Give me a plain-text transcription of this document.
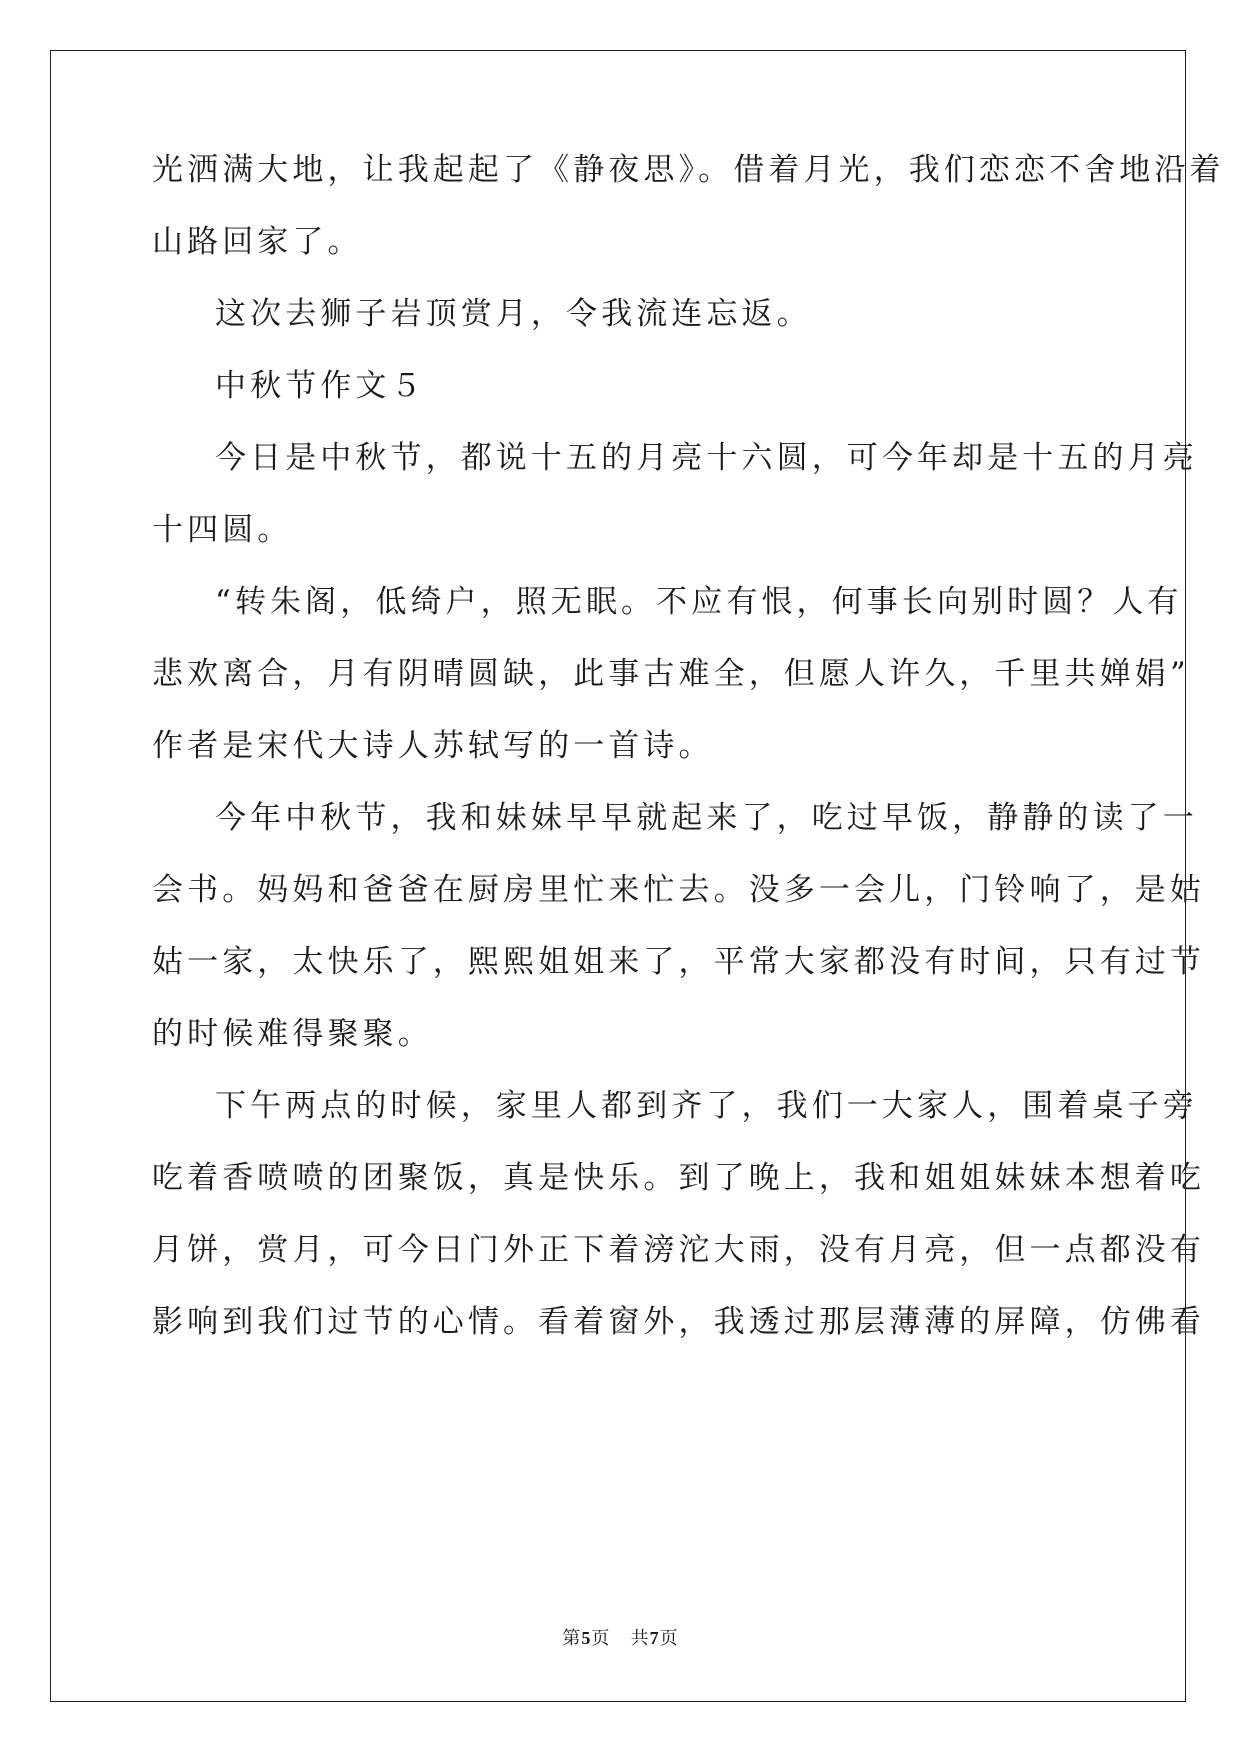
光洒满大地，让我起起了《静夜思》。借着月光，我们恋恋不舍地沿着
山路回家了。
这次去狮子岩顶赏月，令我流连忘返。
中秋节作文５
今日是中秋节，都说十五的月亮十六圆，可今年却是十五的月亮
十四圆。
“转朱阁，低绮户，照无眠。不应有恨，何事长向别时圆？人有
悲欢离合，月有阴晴圆缺，此事古难全，但愿人许久，千里共婵娟”
作者是宋代大诗人苏轼写的一首诗。
今年中秋节，我和妹妹早早就起来了，吃过早饭，静静的读了一
会书。妈妈和爸爸在厨房里忙来忙去。没多一会儿，门铃响了，是姑
姑一家，太快乐了，熙熙姐姐来了，平常大家都没有时间，只有过节
的时候难得聚聚。
下午两点的时候，家里人都到齐了，我们一大家人，围着桌子旁
吃着香喷喷的团聚饭，真是快乐。到了晚上，我和姐姐妹妹本想着吃
月饼，赏月，可今日门外正下着滂沱大雨，没有月亮，但一点都没有
影响到我们过节的心情。看着窗外，我透过那层薄薄的屏障，仿佛看
第5页 共7页
